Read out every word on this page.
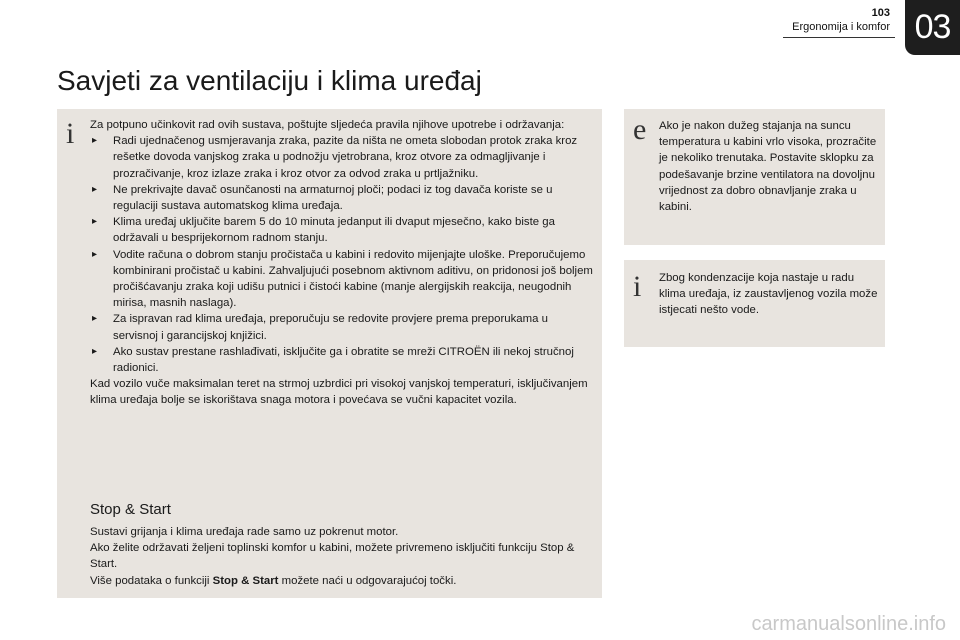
103
Ergonomija i komfor 03
Savjeti za ventilaciju i klima uređaj
i Za potpuno učinkovit rad ovih sustava, poštujte sljedeća pravila njihove upotrebe i održavanja:

▸ Radi ujednačenog usmjeravanja zraka, pazite da ništa ne ometa slobodan protok zraka kroz rešetke dovoda vanjskog zraka u podnožju vjetrobrana, kroz otvore za odmagljivanje i prozračivanje, kroz izlaze zraka i kroz otvor za odvod zraka u prtljažniku.
▸ Ne prekrivajte davač osunčanosti na armaturnoj ploči; podaci iz tog davača koriste se u regulaciji sustava automatskog klima uređaja.
▸ Klima uređaj uključite barem 5 do 10 minuta jedanput ili dvaput mjesečno, kako biste ga održavali u besprijekornom radnom stanju.
▸ Vodite računa o dobrom stanju pročistača u kabini i redovito mijenjajte uloške. Preporučujemo kombinirani pročistač u kabini. Zahvaljujući posebnom aktivnom aditivu, on pridonosi još boljem pročišćavanju zraka koji udišu putnici i čistoći kabine (manje alergijskih reakcija, neugodnih mirisa, masnih naslaga).
▸ Za ispravan rad klima uređaja, preporučuju se redovite provjere prema preporukama u servisnoj i garancijskoj knjižici.
▸ Ako sustav prestane rashlađivati, isključite ga i obratite se mreži CITROËN ili nekoj stručnoj radionici.

Kad vozilo vuče maksimalan teret na strmoj uzbrdici pri visokoj vanjskoj temperaturi, isključivanjem klima uređaja bolje se iskorištava snaga motora i povećava se vučni kapacitet vozila.

Stop & Start

Sustavi grijanja i klima uređaja rade samo uz pokrenut motor.

Ako želite održavati željeni toplinski komfor u kabini, možete privremeno isključiti funkciju Stop & Start.

Više podataka o funkciji Stop & Start možete naći u odgovarajućoj točki.

e Ako je nakon dužeg stajanja na suncu temperatura u kabini vrlo visoka, prozračite je nekoliko trenutaka. Postavite sklopku za podešavanje brzine ventilatora na dovoljnu vrijednost za dobro obnavljanje zraka u kabini.
i Zbog kondenzacije koja nastaje u radu klima uređaja, iz zaustavljenog vozila može istjecati nešto vode.
carmanualsonline.info
